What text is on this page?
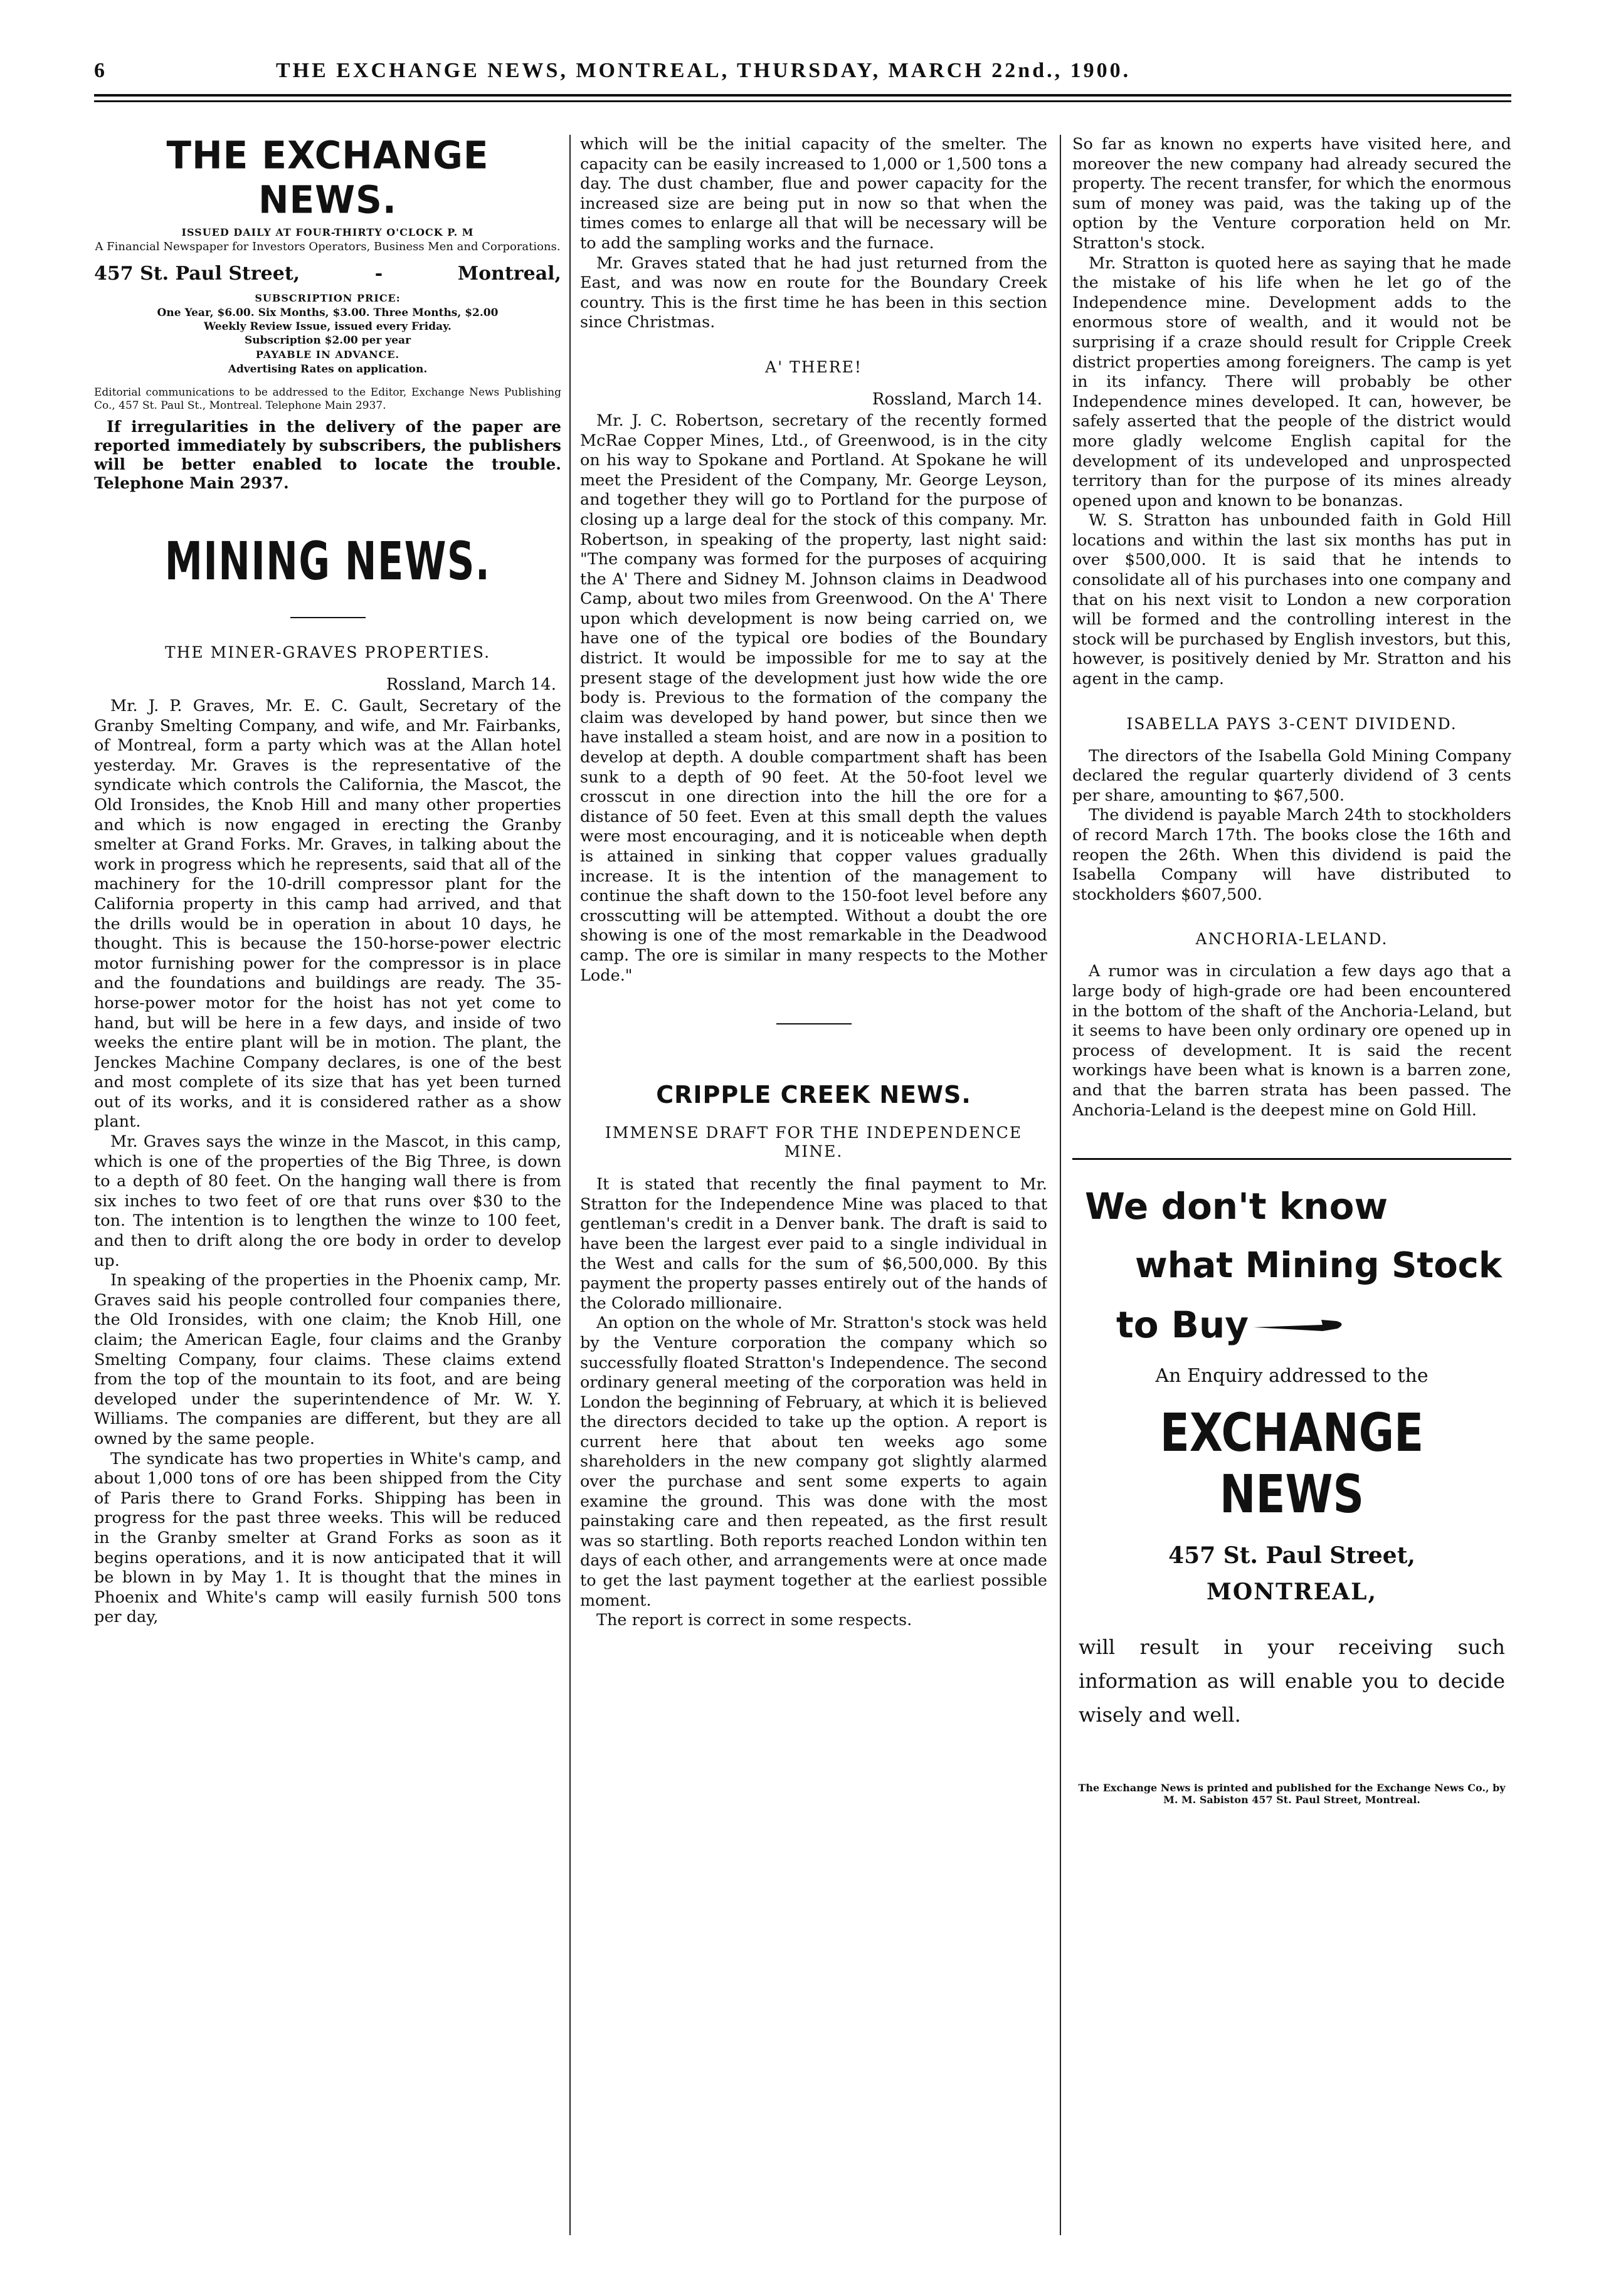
6	THE EXCHANGE NEWS, MONTREAL, THURSDAY, MARCH 22nd., 1900.
THE EXCHANGE NEWS.
ISSUED DAILY AT FOUR-THIRTY O'CLOCK P. M
A Financial Newspaper for Investors Operators, Business Men and Corporations.
457 St. Paul Street,	-	Montreal,
SUBSCRIPTION PRICE:
One Year, $6.00. Six Months, $3.00. Three Months, $2.00
Weekly Review Issue, issued every Friday.
Subscription $2.00 per year
PAYABLE IN ADVANCE.
Advertising Rates on application.
Editorial communications to be addressed to the Editor, Exchange News Publishing Co., 457 St. Paul St., Montreal. Telephone Main 2937.
If irregularities in the delivery of the paper are reported immediately by subscribers, the publishers will be better enabled to locate the trouble. Telephone Main 2937.
MINING NEWS.
THE MINER-GRAVES PROPERTIES.
Rossland, March 14.

Mr. J. P. Graves, Mr. E. C. Gault, Secretary of the Granby Smelting Company, and wife, and Mr. Fairbanks, of Montreal, form a party which was at the Allan hotel yesterday. Mr. Graves is the representative of the syndicate which controls the California, the Mascot, the Old Ironsides, the Knob Hill and many other properties and which is now engaged in erecting the Granby smelter at Grand Forks. Mr. Graves, in talking about the work in progress which he represents, said that all of the machinery for the 10-drill compressor plant for the California property in this camp had arrived, and that the drills would be in operation in about 10 days, he thought. This is because the 150-horse-power electric motor furnishing power for the compressor is in place and the foundations and buildings are ready. The 35-horse-power motor for the hoist has not yet come to hand, but will be here in a few days, and inside of two weeks the entire plant will be in motion. The plant, the Jenckes Machine Company declares, is one of the best and most complete of its size that has yet been turned out of its works, and it is considered rather as a show plant.

Mr. Graves says the winze in the Mascot, in this camp, which is one of the properties of the Big Three, is down to a depth of 80 feet. On the hanging wall there is from six inches to two feet of ore that runs over $30 to the ton. The intention is to lengthen the winze to 100 feet, and then to drift along the ore body in order to develop up.

In speaking of the properties in the Phoenix camp, Mr. Graves said his people controlled four companies there, the Old Ironsides, with one claim; the Knob Hill, one claim; the American Eagle, four claims and the Granby Smelting Company, four claims. These claims extend from the top of the mountain to its foot, and are being developed under the superintendence of Mr. W. Y. Williams. The companies are different, but they are all owned by the same people.

The syndicate has two properties in White's camp, and about 1,000 tons of ore has been shipped from the City of Paris there to Grand Forks. Shipping has been in progress for the past three weeks. This will be reduced in the Granby smelter at Grand Forks as soon as it begins operations, and it is now anticipated that it will be blown in by May 1. It is thought that the mines in Phoenix and White's camp will easily furnish 500 tons per day,

which will be the initial capacity of the smelter. The capacity can be easily increased to 1,000 or 1,500 tons a day. The dust chamber, flue and power capacity for the increased size are being put in now so that when the times comes to enlarge all that will be necessary will be to add the sampling works and the furnace.

Mr. Graves stated that he had just returned from the East, and was now en route for the Boundary Creek country. This is the first time he has been in this section since Christmas.

A' THERE!
Rossland, March 14.

Mr. J. C. Robertson, secretary of the recently formed McRae Copper Mines, Ltd., of Greenwood, is in the city on his way to Spokane and Portland. At Spokane he will meet the President of the Company, Mr. George Leyson, and together they will go to Portland for the purpose of closing up a large deal for the stock of this company. Mr. Robertson, in speaking of the property, last night said: "The company was formed for the purposes of acquiring the A' There and Sidney M. Johnson claims in Deadwood Camp, about two miles from Greenwood. On the A' There upon which development is now being carried on, we have one of the typical ore bodies of the Boundary district. It would be impossible for me to say at the present stage of the development just how wide the ore body is. Previous to the formation of the company the claim was developed by hand power, but since then we have installed a steam hoist, and are now in a position to develop at depth. A double compartment shaft has been sunk to a depth of 90 feet. At the 50-foot level we crosscut in one direction into the hill the ore for a distance of 50 feet. Even at this small depth the values were most encouraging, and it is noticeable when depth is attained in sinking that copper values gradually increase. It is the intention of the management to continue the shaft down to the 150-foot level before any crosscutting will be attempted. Without a doubt the ore showing is one of the most remarkable in the Deadwood camp. The ore is similar in many respects to the Mother Lode."

CRIPPLE CREEK NEWS.
IMMENSE DRAFT FOR THE INDEPENDENCE MINE.

It is stated that recently the final payment to Mr. Stratton for the Independence Mine was placed to that gentleman's credit in a Denver bank. The draft is said to have been the largest ever paid to a single individual in the West and calls for the sum of $6,500,000. By this payment the property passes entirely out of the hands of the Colorado millionaire.

An option on the whole of Mr. Stratton's stock was held by the Venture corporation the company which so successfully floated Stratton's Independence. The second ordinary general meeting of the corporation was held in London the beginning of February, at which it is believed the directors decided to take up the option. A report is current here that about ten weeks ago some shareholders in the new company got slightly alarmed over the purchase and sent some experts to again examine the ground. This was done with the most painstaking care and then repeated, as the first result was so startling. Both reports reached London within ten days of each other, and arrangements were at once made to get the last payment together at the earliest possible moment.

The report is correct in some respects.

So far as known no experts have visited here, and moreover the new company had already secured the property. The recent transfer, for which the enormous sum of money was paid, was the taking up of the option by the Venture corporation held on Mr. Stratton's stock.

Mr. Stratton is quoted here as saying that he made the mistake of his life when he let go of the Independence mine. Development adds to the enormous store of wealth, and it would not be surprising if a craze should result for Cripple Creek district properties among foreigners. The camp is yet in its infancy. There will probably be other Independence mines developed. It can, however, be safely asserted that the people of the district would more gladly welcome English capital for the development of its undeveloped and unprospected territory than for the purpose of its mines already opened upon and known to be bonanzas.

W. S. Stratton has unbounded faith in Gold Hill locations and within the last six months has put in over $500,000. It is said that he intends to consolidate all of his purchases into one company and that on his next visit to London a new corporation will be formed and the controlling interest in the stock will be purchased by English investors, but this, however, is positively denied by Mr. Stratton and his agent in the camp.

ISABELLA PAYS 3-CENT DIVIDEND.

The directors of the Isabella Gold Mining Company declared the regular quarterly dividend of 3 cents per share, amounting to $67,500.

The dividend is payable March 24th to stockholders of record March 17th. The books close the 16th and reopen the 26th. When this dividend is paid the Isabella Company will have distributed to stockholders $607,500.

ANCHORIA-LELAND.

A rumor was in circulation a few days ago that a large body of high-grade ore had been encountered in the bottom of the shaft of the Anchoria-Leland, but it seems to have been only ordinary ore opened up in process of development. It is said the recent workings have been what is known is a barren zone, and that the barren strata has been passed. The Anchoria-Leland is the deepest mine on Gold Hill.

We don't know
what Mining Stock
to Buy
An Enquiry addressed to the
EXCHANGE NEWS
457 St. Paul Street,
MONTREAL,
will result in your receiving such information as will enable you to decide wisely and well.
The Exchange News is printed and published for the Exchange News Co., by M. M. Sabiston 457 St. Paul Street, Montreal.
